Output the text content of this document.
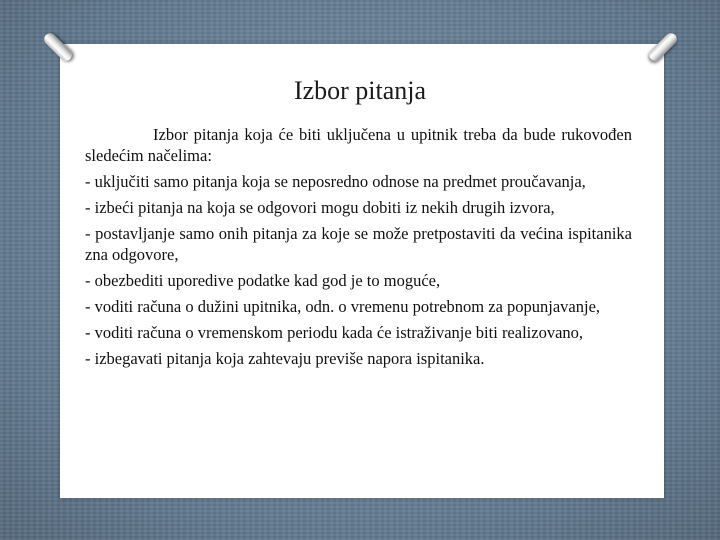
Izbor pitanja

Izbor pitanja koja će biti uključena u upitnik treba da bude rukovođen sledećim načelima:

- uključiti samo pitanja koja se neposredno odnose na predmet proučavanja,

- izbeći pitanja na koja se odgovori mogu dobiti iz nekih drugih izvora,

- postavljanje samo onih pitanja za koje se može pretpostaviti da većina ispitanika zna odgovore,

- obezbediti uporedive podatke kad god je to moguće,

- voditi računa o dužini upitnika, odn. o vremenu potrebnom za popunjavanje,

- voditi računa o vremenskom periodu kada će istraživanje biti realizovano,

- izbegavati pitanja koja zahtevaju previše napora ispitanika.
